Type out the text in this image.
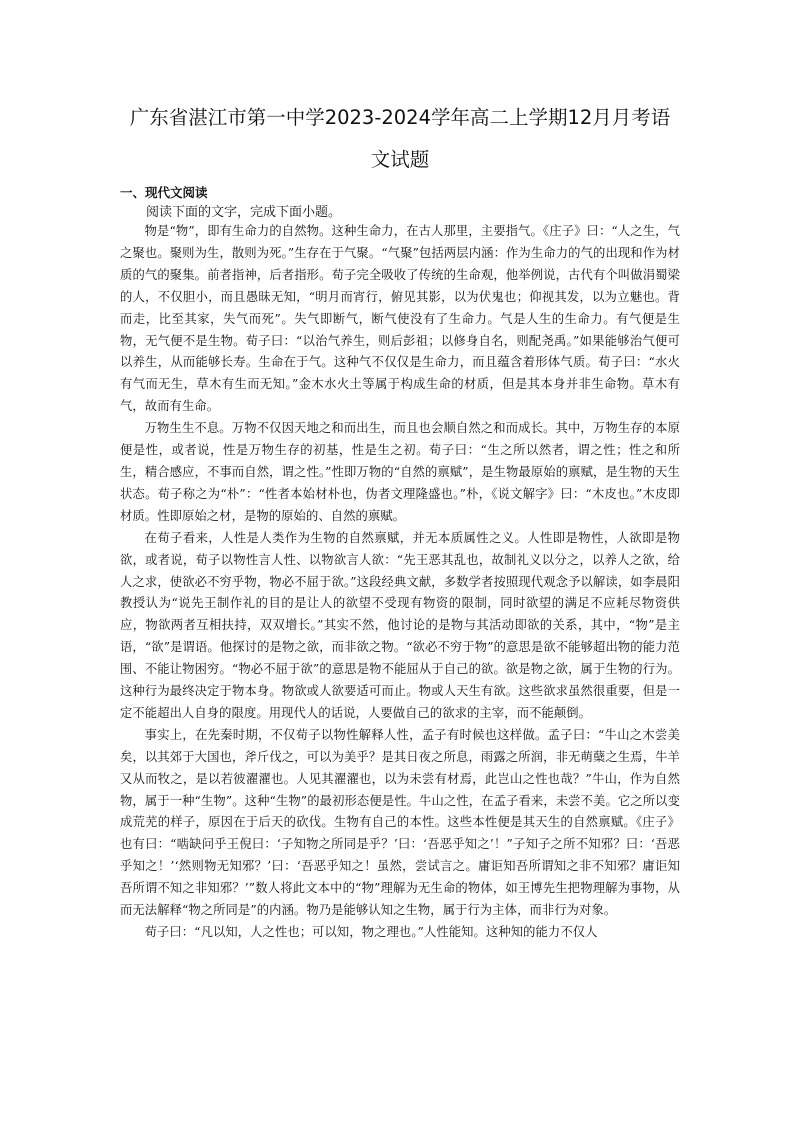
广东省湛江市第一中学2023-2024学年高二上学期12月月考语
文试题
一、现代文阅读
阅读下面的文字，完成下面小题。

物是“物”，即有生命力的自然物。这种生命力，在古人那里，主要指气。《庄子》曰：“人之生，气之聚也。聚则为生，散则为死。”生存在于气聚。“气聚”包括两层内涵：作为生命力的气的出现和作为材质的气的聚集。前者指神，后者指形。荀子完全吸收了传统的生命观，他举例说，古代有个叫做涓蜀梁的人，不仅胆小，而且愚昧无知，“明月而宵行，俯见其影，以为伏鬼也；仰视其发，以为立魅也。背而走，比至其家，失气而死”。失气即断气，断气使没有了生命力。气是人生的生命力。有气便是生物，无气便不是生物。荀子曰：“以治气养生，则后彭祖；以修身自名，则配尧禹。”如果能够治气便可以养生，从而能够长寿。生命在于气。这种气不仅仅是生命力，而且蕴含着形体气质。荀子曰：“水火有气而无生，草木有生而无知。”金木水火土等属于构成生命的材质，但是其本身并非生命物。草木有气，故而有生命。

万物生生不息。万物不仅因天地之和而出生，而且也会顺自然之和而成长。其中，万物生存的本原便是性，或者说，性是万物生存的初基，性是生之初。荀子曰：“生之所以然者，谓之性；性之和所生，精合感应，不事而自然，谓之性。”性即万物的“自然的禀赋”，是生物最原始的禀赋，是生物的天生状态。荀子称之为“朴”：“性者本始材朴也，伪者文理隆盛也。”朴，《说文解字》曰：“木皮也。”木皮即材质。性即原始之材，是物的原始的、自然的禀赋。

在荀子看来，人性是人类作为生物的自然禀赋，并无本质属性之义。人性即是物性，人欲即是物欲，或者说，荀子以物性言人性、以物欲言人欲：“先王恶其乱也，故制礼义以分之，以养人之欲，给人之求，使欲必不穷乎物，物必不屈于欲。”这段经典文献，多数学者按照现代观念予以解读，如李晨阳教授认为“说先王制作礼的目的是让人的欲望不受现有物资的限制，同时欲望的满足不应耗尽物资供应，物欲两者互相扶持，双双增长。”其实不然，他讨论的是物与其活动即欲的关系，其中，“物”是主语，“欲”是谓语。他探讨的是物之欲，而非欲之物。“欲必不穷于物”的意思是欲不能够超出物的能力范围、不能让物困穷。“物必不屈于欲”的意思是物不能屈从于自己的欲。欲是物之欲，属于生物的行为。这种行为最终决定于物本身。物欲或人欲要适可而止。物或人天生有欲。这些欲求虽然很重要，但是一定不能超出人自身的限度。用现代人的话说，人要做自己的欲求的主宰，而不能颠倒。

事实上，在先秦时期，不仅荀子以物性解释人性，孟子有时候也这样做。孟子曰：“牛山之木尝美矣，以其郊于大国也，斧斤伐之，可以为美乎？是其日夜之所息，雨露之所润，非无萌蘖之生焉，牛羊又从而牧之，是以若彼濯濯也。人见其濯濯也，以为未尝有材焉，此岂山之性也哉？”牛山，作为自然物，属于一种“生物”。这种“生物”的最初形态便是性。牛山之性，在孟子看来，未尝不美。它之所以变成荒芜的样子，原因在于后天的砍伐。生物有自己的本性。这些本性便是其天生的自然禀赋。《庄子》也有曰：“啮缺问乎王倪曰：‘子知物之所同是乎？’曰：‘吾恶乎知之’！”子知子之所不知邪？曰：‘吾恶乎知之！’‘然则物无知邪？’曰：‘吾恶乎知之！虽然，尝试言之。庸讵知吾所谓知之非不知邪？庸讵知吾所谓不知之非知邪？’”数人将此文本中的“物”理解为无生命的物体，如王博先生把物理解为事物，从而无法解释“物之所同是”的内涵。物乃是能够认知之生物，属于行为主体，而非行为对象。

荀子曰：“凡以知，人之性也；可以知，物之理也。”人性能知。这种知的能力不仅人
